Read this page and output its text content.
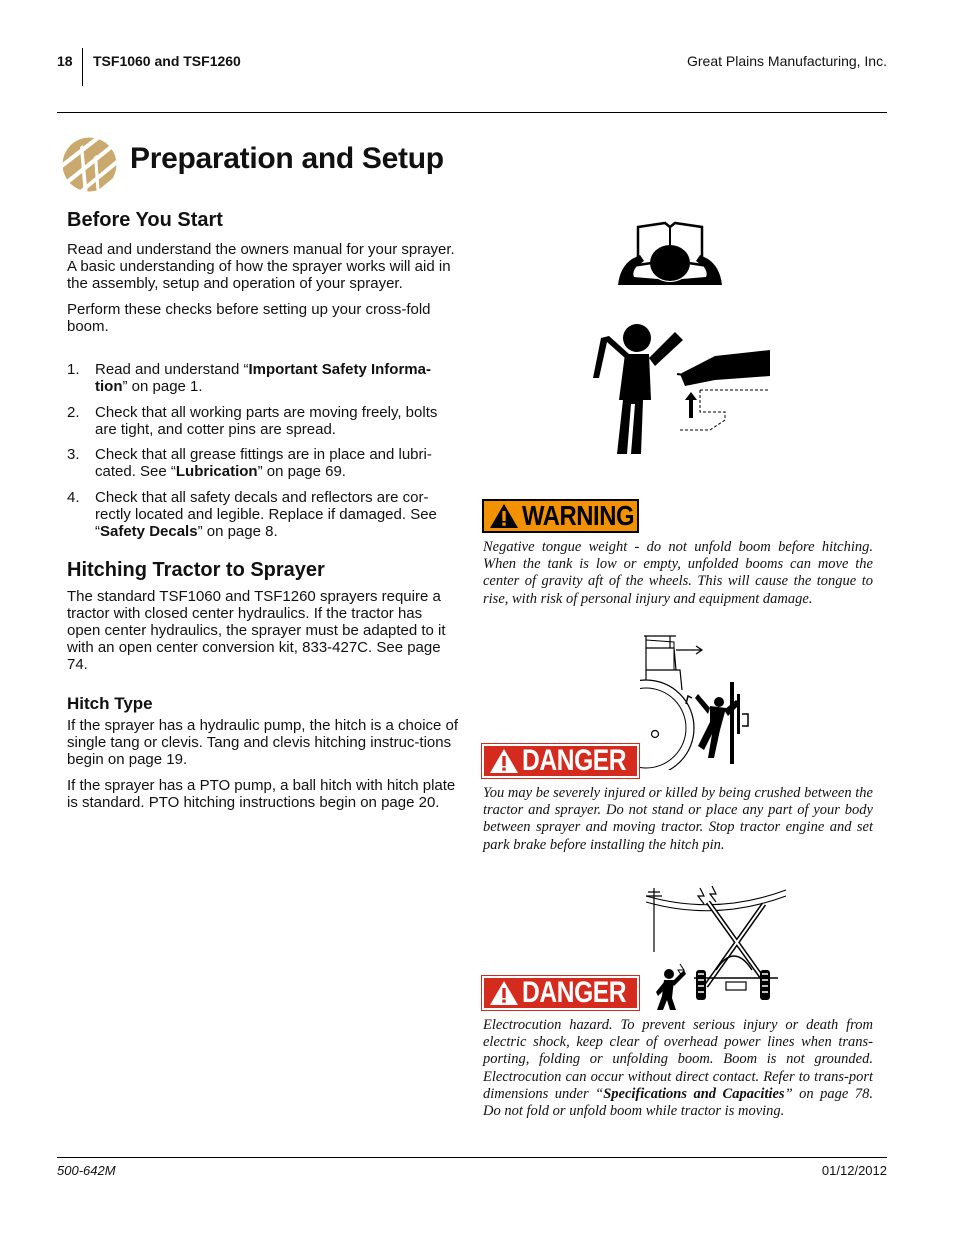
18 TSF1060 and TSF1260	Great Plains Manufacturing, Inc.
Preparation and Setup
Before You Start

Read and understand the owners manual for your sprayer. A basic understanding of how the sprayer works will aid in the assembly, setup and operation of your sprayer.

Perform these checks before setting up your cross-fold boom.

1. Read and understand “Important Safety Informa-tion” on page 1.
2. Check that all working parts are moving freely, bolts are tight, and cotter pins are spread.
3. Check that all grease fittings are in place and lubri-cated. See “Lubrication” on page 69.
4. Check that all safety decals and reflectors are cor-rectly located and legible. Replace if damaged. See “Safety Decals” on page 8.
Hitching Tractor to Sprayer

The standard TSF1060 and TSF1260 sprayers require a tractor with closed center hydraulics. If the tractor has open center hydraulics, the sprayer must be adapted to it with an open center conversion kit, 833-427C. See page 74.

Hitch Type

If the sprayer has a hydraulic pump, the hitch is a choice of single tang or clevis. Tang and clevis hitching instruc-tions begin on page 19.

If the sprayer has a PTO pump, a ball hitch with hitch plate is standard. PTO hitching instructions begin on page 20.

WARNING

Negative tongue weight - do not unfold boom before hitching. When the tank is low or empty, unfolded booms can move the center of gravity aft of the wheels. This will cause the tongue to rise, with risk of personal injury and equipment damage.

DANGER

You may be severely injured or killed by being crushed between the tractor and sprayer. Do not stand or place any part of your body between sprayer and moving tractor. Stop tractor engine and set park brake before installing the hitch pin.

DANGER

Electrocution hazard. To prevent serious injury or death from electric shock, keep clear of overhead power lines when trans-porting, folding or unfolding boom. Boom is not grounded. Electrocution can occur without direct contact. Refer to trans-port dimensions under “Specifications and Capacities” on page 78. Do not fold or unfold boom while tractor is moving.

500-642M	01/12/2012
